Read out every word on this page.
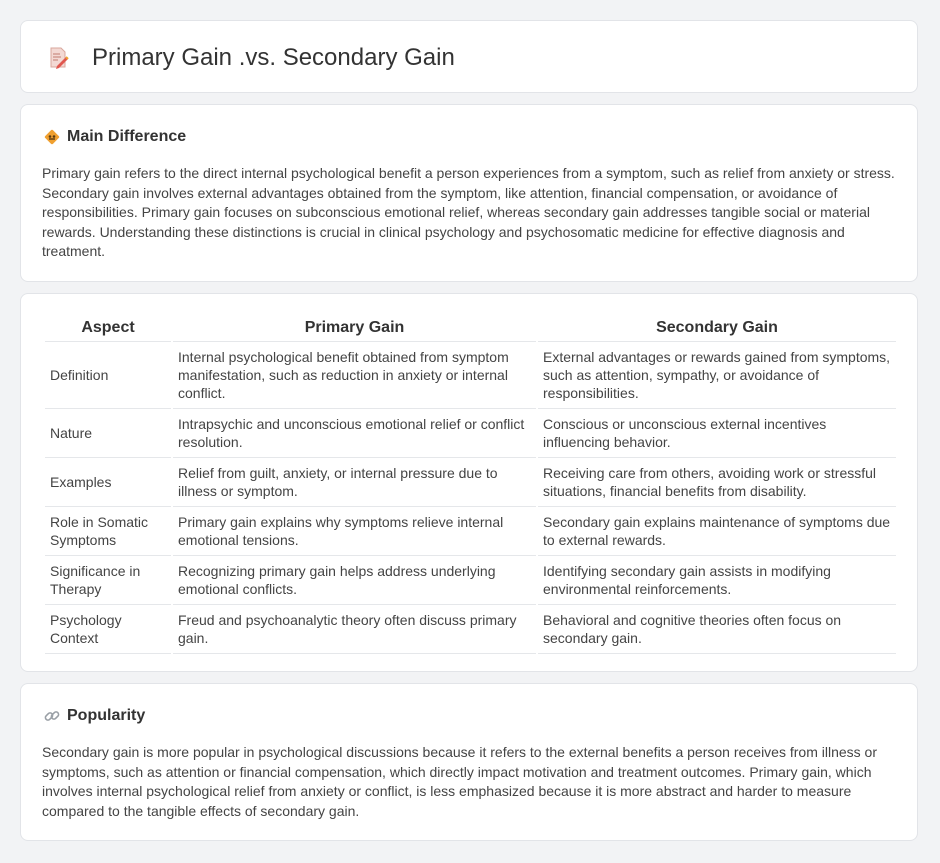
Primary Gain .vs. Secondary Gain
Main Difference

Primary gain refers to the direct internal psychological benefit a person experiences from a symptom, such as relief from anxiety or stress. Secondary gain involves external advantages obtained from the symptom, like attention, financial compensation, or avoidance of responsibilities. Primary gain focuses on subconscious emotional relief, whereas secondary gain addresses tangible social or material rewards. Understanding these distinctions is crucial in clinical psychology and psychosomatic medicine for effective diagnosis and treatment.

Aspect	Primary Gain	Secondary Gain
Definition	Internal psychological benefit obtained from symptom manifestation, such as reduction in anxiety or internal conflict.	External advantages or rewards gained from symptoms, such as attention, sympathy, or avoidance of responsibilities.
Nature	Intrapsychic and unconscious emotional relief or conflict resolution.	Conscious or unconscious external incentives influencing behavior.
Examples	Relief from guilt, anxiety, or internal pressure due to illness or symptom.	Receiving care from others, avoiding work or stressful situations, financial benefits from disability.
Role in Somatic Symptoms	Primary gain explains why symptoms relieve internal emotional tensions.	Secondary gain explains maintenance of symptoms due to external rewards.
Significance in Therapy	Recognizing primary gain helps address underlying emotional conflicts.	Identifying secondary gain assists in modifying environmental reinforcements.
Psychology Context	Freud and psychoanalytic theory often discuss primary gain.	Behavioral and cognitive theories often focus on secondary gain.
Popularity

Secondary gain is more popular in psychological discussions because it refers to the external benefits a person receives from illness or symptoms, such as attention or financial compensation, which directly impact motivation and treatment outcomes. Primary gain, which involves internal psychological relief from anxiety or conflict, is less emphasized because it is more abstract and harder to measure compared to the tangible effects of secondary gain.
